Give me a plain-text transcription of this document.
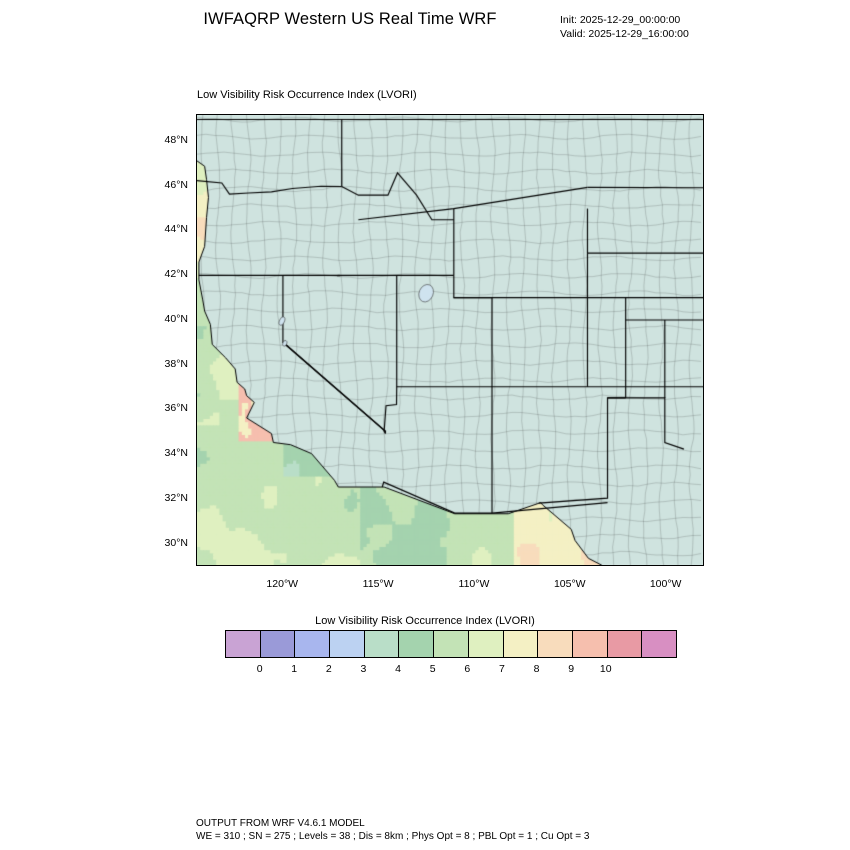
IWFAQRP Western US Real Time WRF	Init: 2025-12-29_00:00:00
Valid: 2025-12-29_16:00:00
Low Visibility Risk Occurrence Index (LVORI)
48°N
46°N
44°N
42°N
40°N
38°N
36°N
34°N
32°N
30°N
120°W	115°W	110°W	105°W	100°W
Low Visibility Risk Occurrence Index (LVORI)
0	1	2	3	4	5	6	7	8	9	10
OUTPUT FROM WRF V4.6.1 MODEL
WE = 310 ; SN = 275 ; Levels = 38 ; Dis = 8km ; Phys Opt = 8 ; PBL Opt = 1 ; Cu Opt = 3
